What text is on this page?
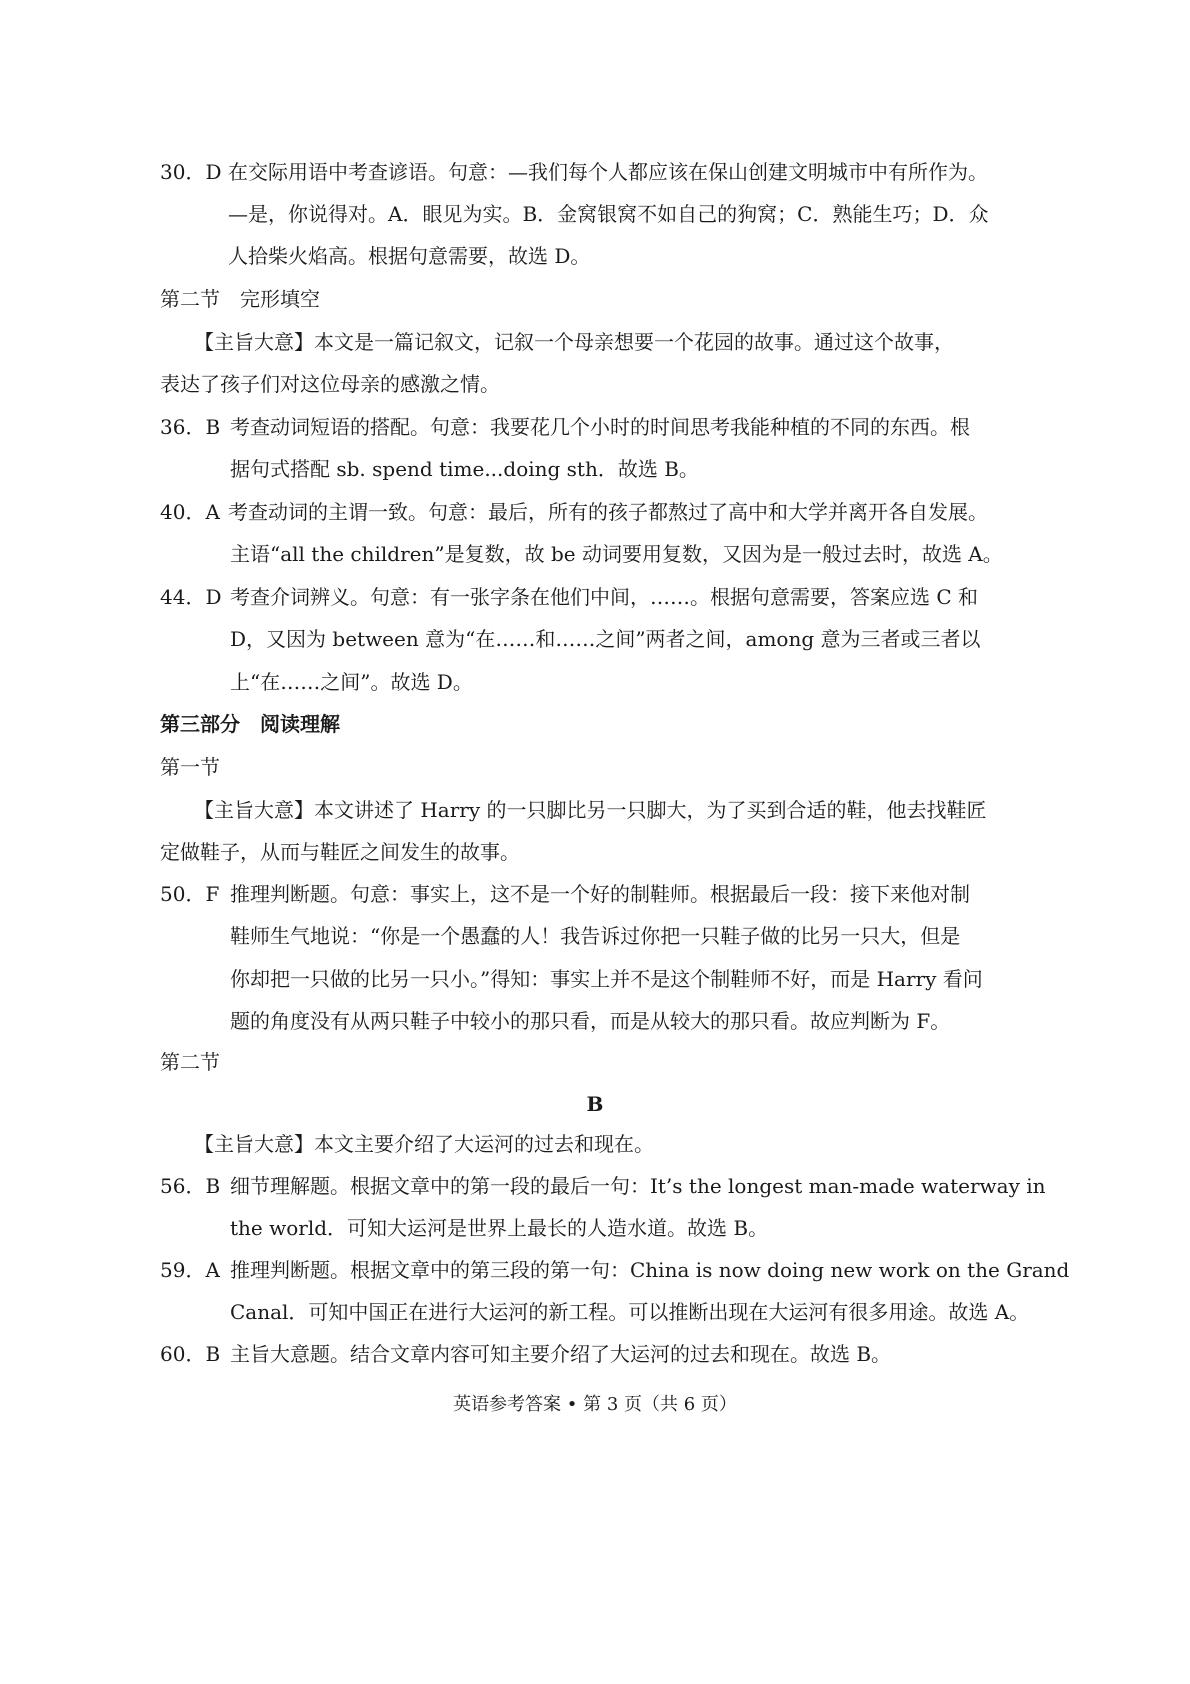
30．D 在交际用语中考查谚语。句意：—我们每个人都应该在保山创建文明城市中有所作为。
—是，你说得对。A．眼见为实。B．金窝银窝不如自己的狗窝；C．熟能生巧；D．众
人拾柴火焰高。根据句意需要，故选 D。
第二节　完形填空
【主旨大意】本文是一篇记叙文，记叙一个母亲想要一个花园的故事。通过这个故事，
表达了孩子们对这位母亲的感激之情。
36．B 考查动词短语的搭配。句意：我要花几个小时的时间思考我能种植的不同的东西。根
据句式搭配 sb. spend time...doing sth．故选 B。
40．A 考查动词的主谓一致。句意：最后，所有的孩子都熬过了高中和大学并离开各自发展。
主语“all the children”是复数，故 be 动词要用复数，又因为是一般过去时，故选 A。
44．D 考查介词辨义。句意：有一张字条在他们中间，……。根据句意需要，答案应选 C 和
D，又因为 between 意为“在……和……之间”两者之间，among 意为三者或三者以
上“在……之间”。故选 D。
第三部分　阅读理解
第一节
【主旨大意】本文讲述了 Harry 的一只脚比另一只脚大，为了买到合适的鞋，他去找鞋匠
定做鞋子，从而与鞋匠之间发生的故事。
50．F 推理判断题。句意：事实上，这不是一个好的制鞋师。根据最后一段：接下来他对制
鞋师生气地说：“你是一个愚蠢的人！我告诉过你把一只鞋子做的比另一只大，但是
你却把一只做的比另一只小。”得知：事实上并不是这个制鞋师不好，而是 Harry 看问
题的角度没有从两只鞋子中较小的那只看，而是从较大的那只看。故应判断为 F。
第二节
B
【主旨大意】本文主要介绍了大运河的过去和现在。
56．B 细节理解题。根据文章中的第一段的最后一句：It’s the longest man-made waterway in
the world．可知大运河是世界上最长的人造水道。故选 B。
59．A 推理判断题。根据文章中的第三段的第一句：China is now doing new work on the Grand
Canal．可知中国正在进行大运河的新工程。可以推断出现在大运河有很多用途。故选 A。
60．B 主旨大意题。结合文章内容可知主要介绍了大运河的过去和现在。故选 B。
英语参考答案 • 第 3 页（共 6 页）
